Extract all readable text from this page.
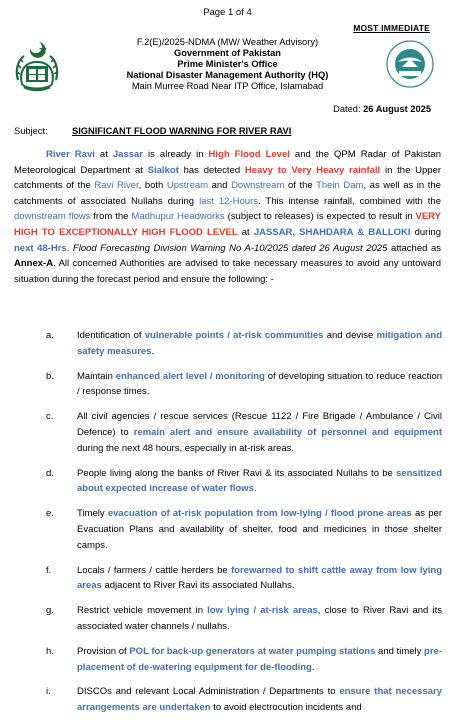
Page 1 of 4
MOST IMMEDIATE
F.2(E)/2025-NDMA (MW/ Weather Advisory)
Government of Pakistan
Prime Minister's Office
National Disaster Management Authority (HQ)
Main Murree Road Near ITP Office, Islamabad
Dated: 26 August 2025
Subject:	SIGNIFICANT FLOOD WARNING FOR RIVER RAVI
River Ravi at Jassar is already in High Flood Level and the QPM Radar of Pakistan Meteorological Department at Sialkot has detected Heavy to Very Heavy rainfall in the Upper catchments of the Ravi River, both Upstream and Downstream of the Thein Dam, as well as in the catchments of associated Nullahs during last 12-Hours. This intense rainfall, combined with the downstream flows from the Madhupur Headworks (subject to releases) is expected to result in VERY HIGH TO EXCEPTIONALLY HIGH FLOOD LEVEL at JASSAR, SHAHDARA & BALLOKI during next 48-Hrs. Flood Forecasting Division Warning No A-10/2025 dated 26 August 2025 attached as Annex-A. All concerned Authorities are advised to take necessary measures to avoid any untoward situation during the forecast period and ensure the following: -
a. Identification of vulnerable points / at-risk communities and devise mitigation and safety measures.
b. Maintain enhanced alert level / monitoring of developing situation to reduce reaction / response times.
c. All civil agencies / rescue services (Rescue 1122 / Fire Brigade / Ambulance / Civil Defence) to remain alert and ensure availability of personnel and equipment during the next 48 hours, especially in at-risk areas.
d. People living along the banks of River Ravi & its associated Nullahs to be sensitized about expected increase of water flows.
e. Timely evacuation of at-risk population from low-lying / flood prone areas as per Evacuation Plans and availability of shelter, food and medicines in those shelter camps.
f.	Locals / farmers / cattle herders be forewarned to shift cattle away from low lying areas adjacent to River Ravi its associated Nullahs.
g. Restrict vehicle movement in low lying / at-risk areas, close to River Ravi and its associated water channels / nullahs.
h. Provision of POL for back-up generators at water pumping stations and timely pre-placement of de-watering equipment for de-flooding.
i.	DISCOs and relevant Local Administration / Departments to ensure that necessary arrangements are undertaken to avoid electrocution incidents and
